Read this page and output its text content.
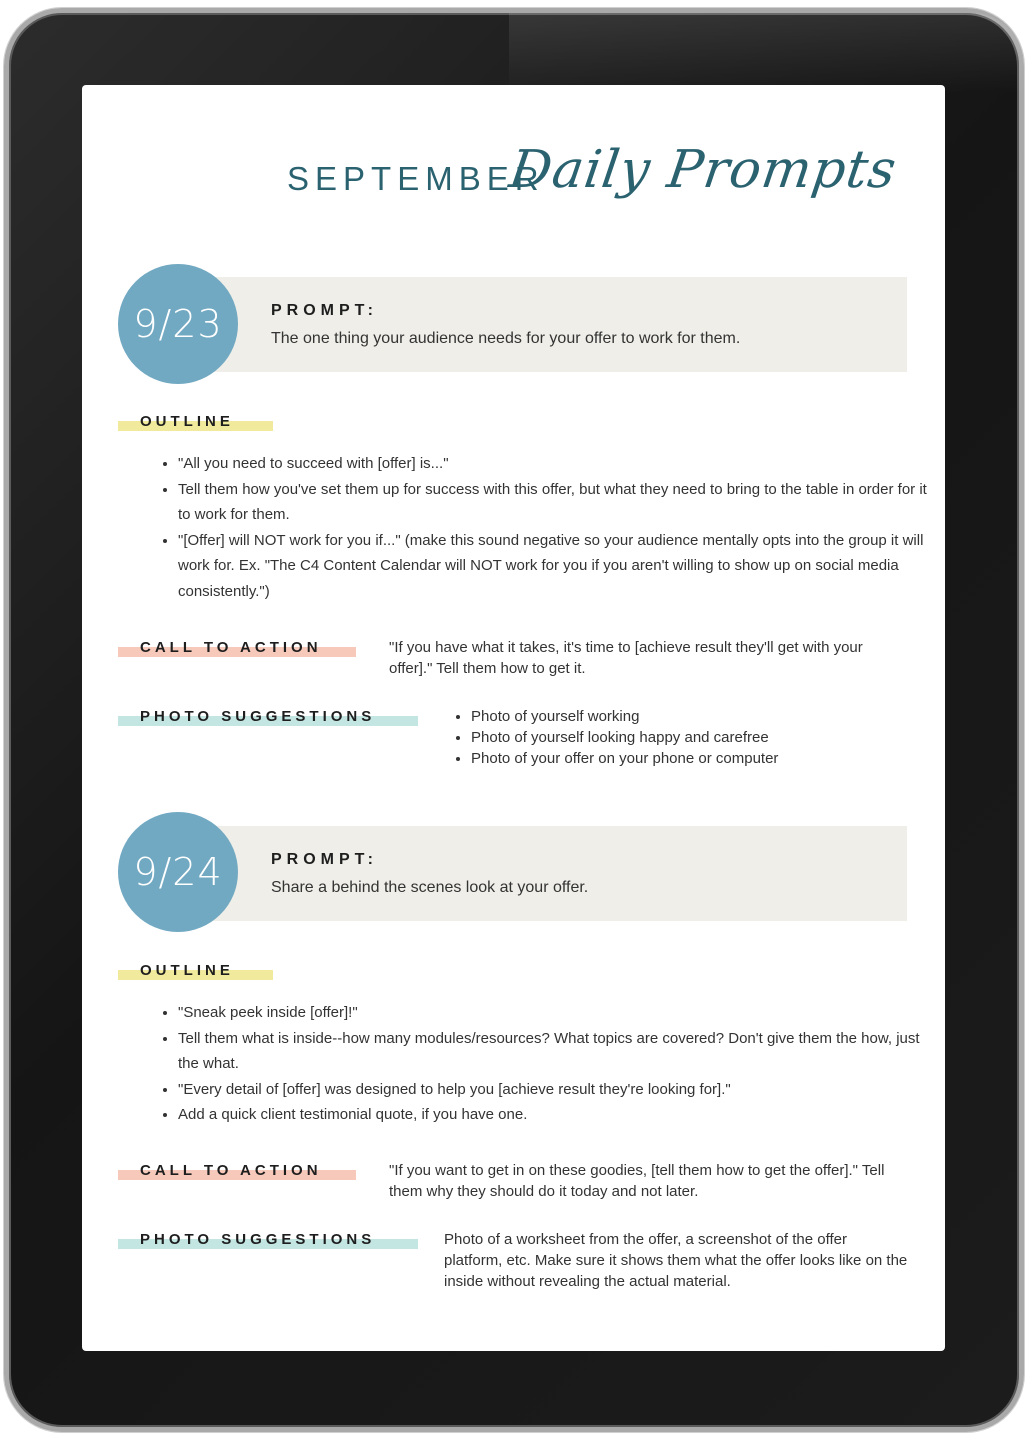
SEPTEMBER
Daily Prompts
9/23	PROMPT:
The one thing your audience needs for your offer to work for them.
OUTLINE
• "All you need to succeed with [offer] is..."
• Tell them how you've set them up for success with this offer, but what they need to bring to the table in order for it to work for them.
• "[Offer] will NOT work for you if..." (make this sound negative so your audience mentally opts into the group it will work for. Ex. "The C4 Content Calendar will NOT work for you if you aren't willing to show up on social media consistently.")
CALL TO ACTION	"If you have what it takes, it's time to [achieve result they'll get with your offer]." Tell them how to get it.
PHOTO SUGGESTIONS
•	Photo of yourself working
• Photo of yourself looking happy and carefree
• Photo of your offer on your phone or computer
9/24	PROMPT:
Share a behind the scenes look at your offer.
OUTLINE
• "Sneak peek inside [offer]!"
• Tell them what is inside--how many modules/resources? What topics are covered? Don't give them the how, just the what.
• "Every detail of [offer] was designed to help you [achieve result they're looking for]."
• Add a quick client testimonial quote, if you have one.
CALL TO ACTION	"If you want to get in on these goodies, [tell them how to get the offer]." Tell them why they should do it today and not later.
PHOTO SUGGESTIONS	Photo of a worksheet from the offer, a screenshot of the offer platform, etc. Make sure it shows them what the offer looks like on the inside without revealing the actual material.
